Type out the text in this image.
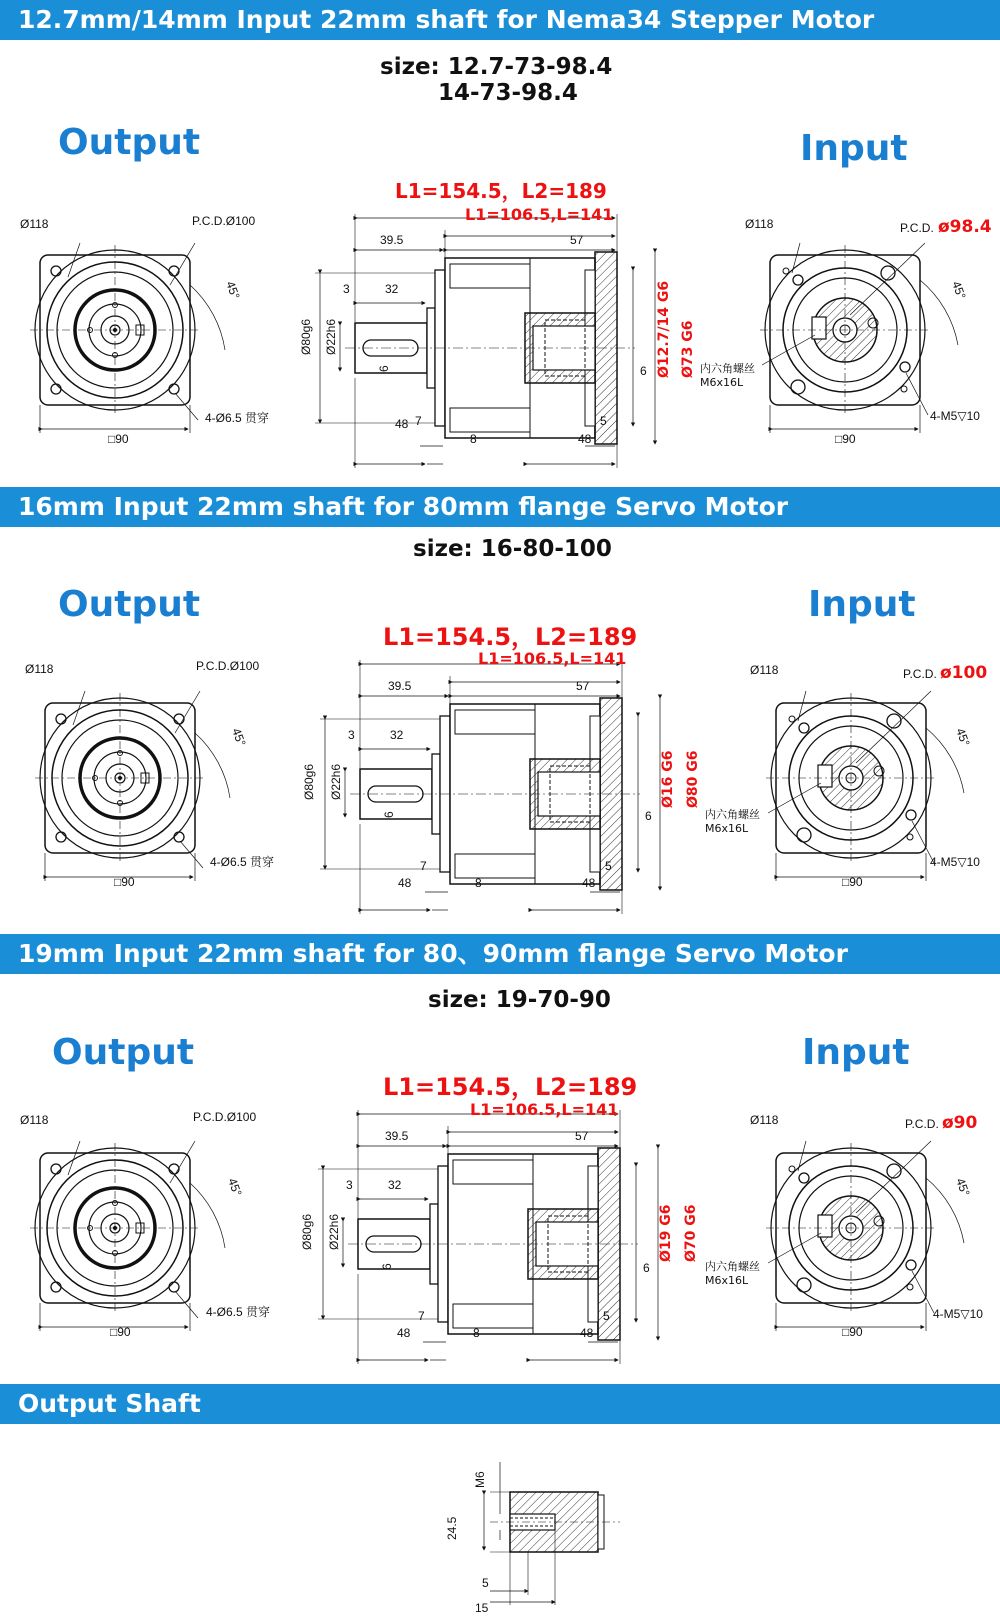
12.7mm/14mm Input 22mm shaft for Nema34 Stepper Motor
16mm Input 22mm shaft for 80mm flange Servo Motor
19mm Input 22mm shaft for 80、90mm flange Servo Motor
Output Shaft
size: 12.7-73-98.4
14-73-98.4
size: 16-80-100
size: 19-70-90
Output	Input
Output	Input
Output	Input
L1=154.5，L2=189
L1=106.5,L=141
39.5	57
3	32
48
8	48
7	5
6
Ø80g6 Ø22h6
6	Ø12.7/14 G6 Ø73 G6
Ø118	P.C.D.Ø100
45°
4-Ø6.5 贯穿
□90
Ø118	P.C.D. ø98.4
45°
内六角螺丝
M6x16L
4-M5▽10
□90
L1=154.5，L2=189
L1=106.5,L=141
39.5	57
3	32
48	8	48
7	5
6
Ø80g6 Ø22h6
6
Ø16 G6 Ø80 G6
Ø118	P.C.D.Ø100
45°
4-Ø6.5 贯穿
□90
Ø118	P.C.D. ø100
45°
内六角螺丝
M6x16L
4-M5▽10
□90
L1=154.5，L2=189
L1=106.5,L=141
39.5	57
3	32
48	8	48
7	5
6
Ø80g6 Ø22h6
6
Ø19 G6 Ø70 G6
Ø118	P.C.D.Ø100
45°
4-Ø6.5 贯穿
□90
Ø118	P.C.D. ø90
45°
内六角螺丝
M6x16L
4-M5▽10
□90
M6
24.5
5
15
